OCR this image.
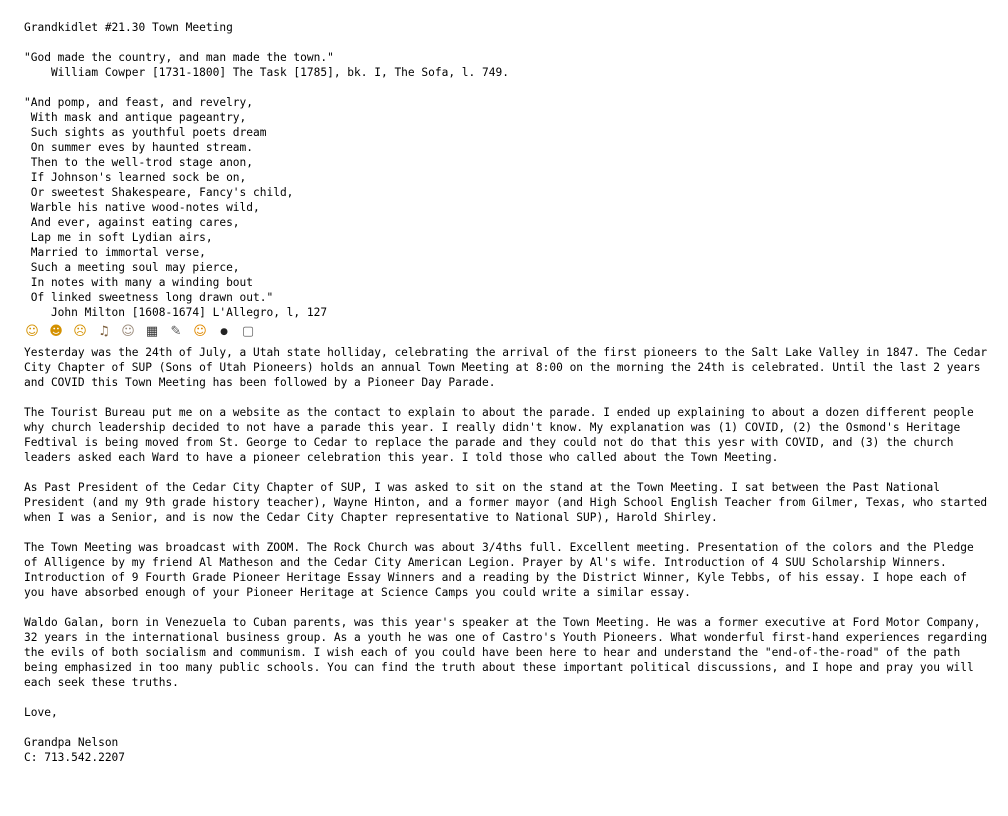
Grandkidlet #21.30 Town Meeting
"God made the country, and man made the town."
William Cowper [1731-1800] The Task [1785], bk. I, The Sofa, l. 749.
"And pomp, and feast, and revelry,
With mask and antique pageantry,
Such sights as youthful poets dream
On summer eves by haunted stream.
Then to the well-trod stage anon,
If Johnson's learned sock be on,
Or sweetest Shakespeare, Fancy's child,
Warble his native wood-notes wild,
And ever, against eating cares,
Lap me in soft Lydian airs,
Married to immortal verse,
Such a meeting soul may pierce,
In notes with many a winding bout
Of linked sweetness long drawn out."
John Milton [1608-1674] L'Allegro, l, 127
☺ ☻ ☹ ♫ ☺ ▦ ✎ ☺	●	▢
Yesterday was the 24th of July, a Utah state holliday, celebrating the arrival of the first pioneers to the Salt Lake Valley in 1847. The Cedar City Chapter of SUP (Sons of Utah Pioneers) holds an annual Town Meeting at 8:00 on the morning the 24th is celebrated. Until the last 2 years and COVID this Town Meeting has been followed by a Pioneer Day Parade.
The Tourist Bureau put me on a website as the contact to explain to about the parade. I ended up explaining to about a dozen different people why church leadership decided to not have a parade this year. I really didn't know. My explanation was (1) COVID, (2) the Osmond's Heritage Fedtival is being moved from St. George to Cedar to replace the parade and they could not do that this yesr with COVID, and (3) the church leaders asked each Ward to have a pioneer celebration this year. I told those who called about the Town Meeting.
As Past President of the Cedar City Chapter of SUP, I was asked to sit on the stand at the Town Meeting. I sat between the Past National President (and my 9th grade history teacher), Wayne Hinton, and a former mayor (and High School English Teacher from Gilmer, Texas, who started when I was a Senior, and is now the Cedar City Chapter representative to National SUP), Harold Shirley.
The Town Meeting was broadcast with ZOOM. The Rock Church was about 3/4ths full. Excellent meeting. Presentation of the colors and the Pledge of Alligence by my friend Al Matheson and the Cedar City American Legion. Prayer by Al's wife. Introduction of 4 SUU Scholarship Winners. Introduction of 9 Fourth Grade Pioneer Heritage Essay Winners and a reading by the District Winner, Kyle Tebbs, of his essay. I hope each of you have absorbed enough of your Pioneer Heritage at Science Camps you could write a similar essay.
Waldo Galan, born in Venezuela to Cuban parents, was this year's speaker at the Town Meeting. He was a former executive at Ford Motor Company, 32 years in the international business group. As a youth he was one of Castro's Youth Pioneers. What wonderful first-hand experiences regarding the evils of both socialism and communism. I wish each of you could have been here to hear and understand the "end-of-the-road" of the path being emphasized in too many public schools. You can find the truth about these important political discussions, and I hope and pray you will each seek these truths.
Love,
Grandpa Nelson
C: 713.542.2207
